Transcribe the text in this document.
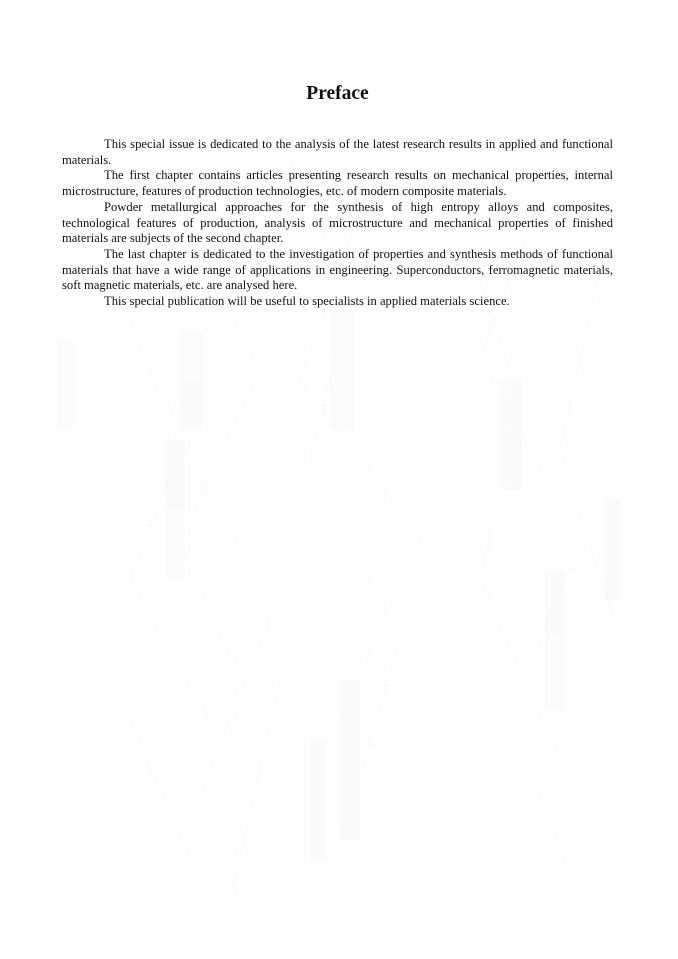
Preface

This special issue is dedicated to the analysis of the latest research results in applied and functional materials.

The first chapter contains articles presenting research results on mechanical properties, internal microstructure, features of production technologies, etc. of modern composite materials.

Powder metallurgical approaches for the synthesis of high entropy alloys and composites, technological features of production, analysis of microstructure and mechanical properties of finished materials are subjects of the second chapter.

The last chapter is dedicated to the investigation of properties and synthesis methods of functional materials that have a wide range of applications in engineering. Superconductors, ferromagnetic materials, soft magnetic materials, etc. are analysed here.

This special publication will be useful to specialists in applied materials science.
